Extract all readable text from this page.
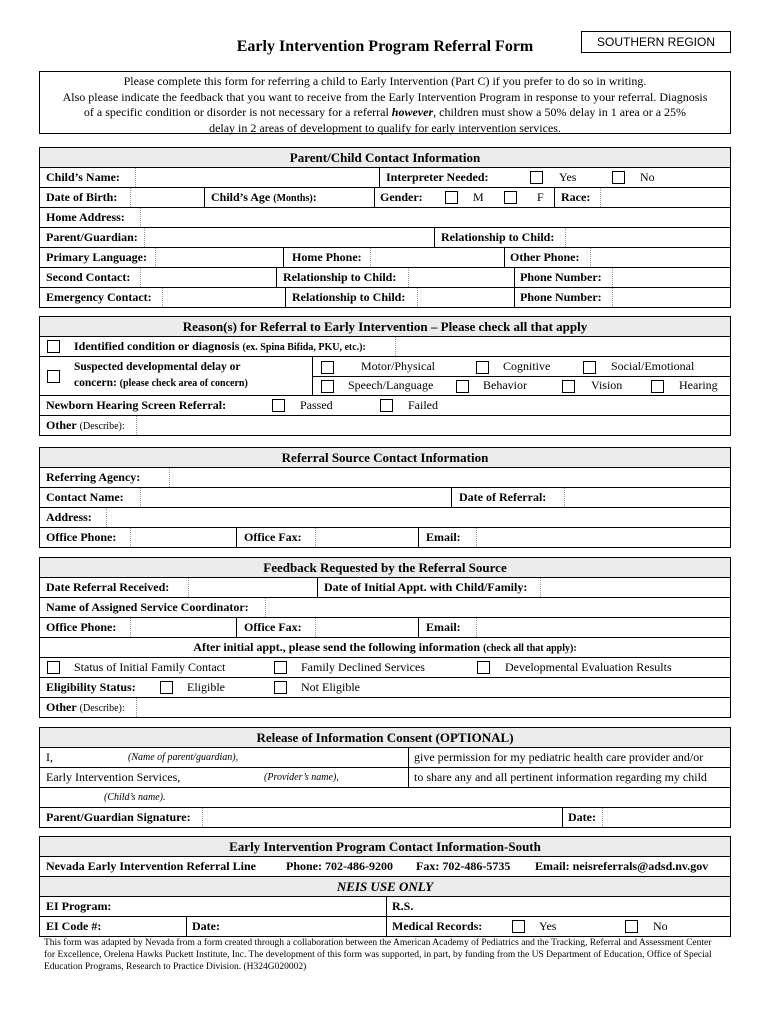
SOUTHERN REGION
Early Intervention Program Referral Form
Please complete this form for referring a child to Early Intervention (Part C) if you prefer to do so in writing.
Also please indicate the feedback that you want to receive from the Early Intervention Program in response to your referral. Diagnosis
of a specific condition or disorder is not necessary for a referral however, children must show a 50% delay in 1 area or a 25%
delay in 2 areas of development to qualify for early intervention services.
Parent/Child Contact Information
Child’s Name:	Interpreter Needed:	Yes	No
Date of Birth:	Child’s Age (Months):	Gender:	M	F Race:
Home Address:
Parent/Guardian:	Relationship to Child:
Primary Language:	Home Phone:	Other Phone:
Second Contact:	Relationship to Child:	Phone Number:
Emergency Contact:	Relationship to Child:	Phone Number:
Reason(s) for Referral to Early Intervention – Please check all that apply
Identified condition or diagnosis (ex. Spina Bifida, PKU, etc.):
Suspected developmental delay or
concern: (please check area of concern)
Motor/Physical	Cognitive	Social/Emotional
Speech/Language	Behavior	Vision	Hearing
Newborn Hearing Screen Referral:	Passed	Failed
Other (Describe):
Referral Source Contact Information
Referring Agency:
Contact Name:	Date of Referral:
Address:
Office Phone:	Office Fax:	Email:
Feedback Requested by the Referral Source
Date Referral Received:	Date of Initial Appt. with Child/Family:
Name of Assigned Service Coordinator:
Office Phone:	Office Fax:	Email:
After initial appt., please send the following information (check all that apply):
Status of Initial Family Contact	Family Declined Services	Developmental Evaluation Results
Eligibility Status:	Eligible	Not Eligible
Other (Describe):
Release of Information Consent (OPTIONAL)
I,	(Name of parent/guardian),	give permission for my pediatric health care provider and/or
Early Intervention Services,	(Provider’s name),	to share any and all pertinent information regarding my child
(Child’s name).
Parent/Guardian Signature:	Date:
Early Intervention Program Contact Information-South
Nevada Early Intervention Referral Line	Phone: 702-486-9200 Fax: 702-486-5735 Email: neisreferrals@adsd.nv.gov
NEIS USE ONLY
EI Program:	R.S.
EI Code #:	Date:	Medical Records:	Yes	No
This form was adapted by Nevada from a form created through a collaboration between the American Academy of Pediatrics and the Tracking, Referral and Assessment Center for Excellence, Orelena Hawks Puckett Institute, Inc. The development of this form was supported, in part, by funding from the US Department of Education, Office of Special Education Programs, Research to Practice Division. (H324G020002)
